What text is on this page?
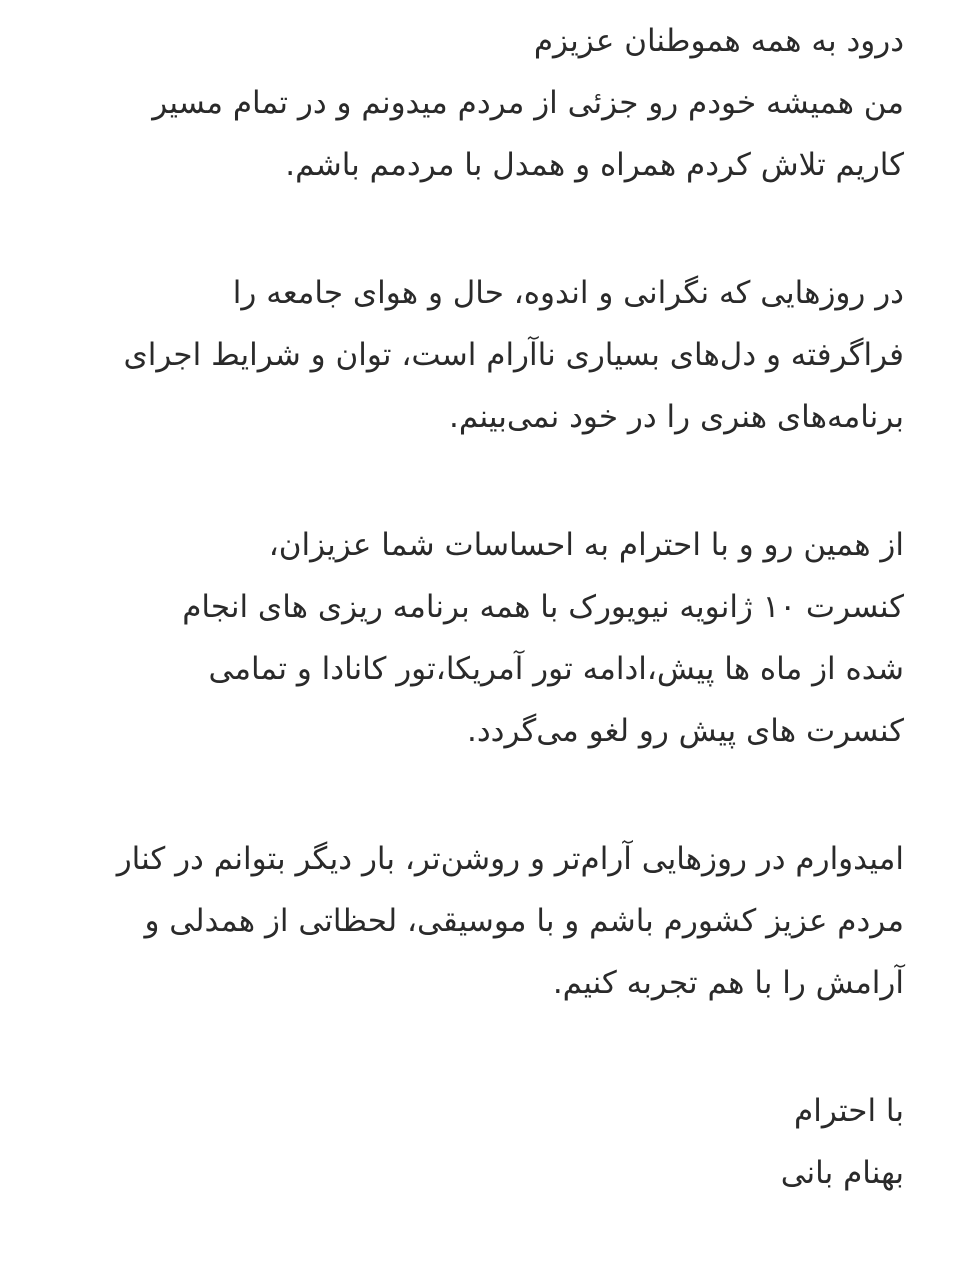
درود به همه هموطنان عزیزم
من همیشه خودم رو جزئی از مردم میدونم و در تمام مسیر
کاریم تلاش کردم همراه و همدل با مردمم باشم.

در روزهایی که نگرانی و اندوه، حال و هوای جامعه را
فراگرفته و دل‌های بسیاری ناآرام است، توان و شرایط اجرای
برنامه‌های هنری را در خود نمی‌بینم.

از همین رو و با احترام به احساسات شما عزیزان،
کنسرت ۱۰ ژانویه نیویورک با همه برنامه ریزی های انجام
شده از ماه ها پیش،ادامه تور آمریکا،تور کانادا و تمامی
کنسرت های پیش رو لغو می‌گردد.

امیدوارم در روزهایی آرام‌تر و روشن‌تر، بار دیگر بتوانم در کنار
مردم عزیز کشورم باشم و با موسیقی، لحظاتی از همدلی و
آرامش را با هم تجربه کنیم.

با احترام
بهنام بانی
